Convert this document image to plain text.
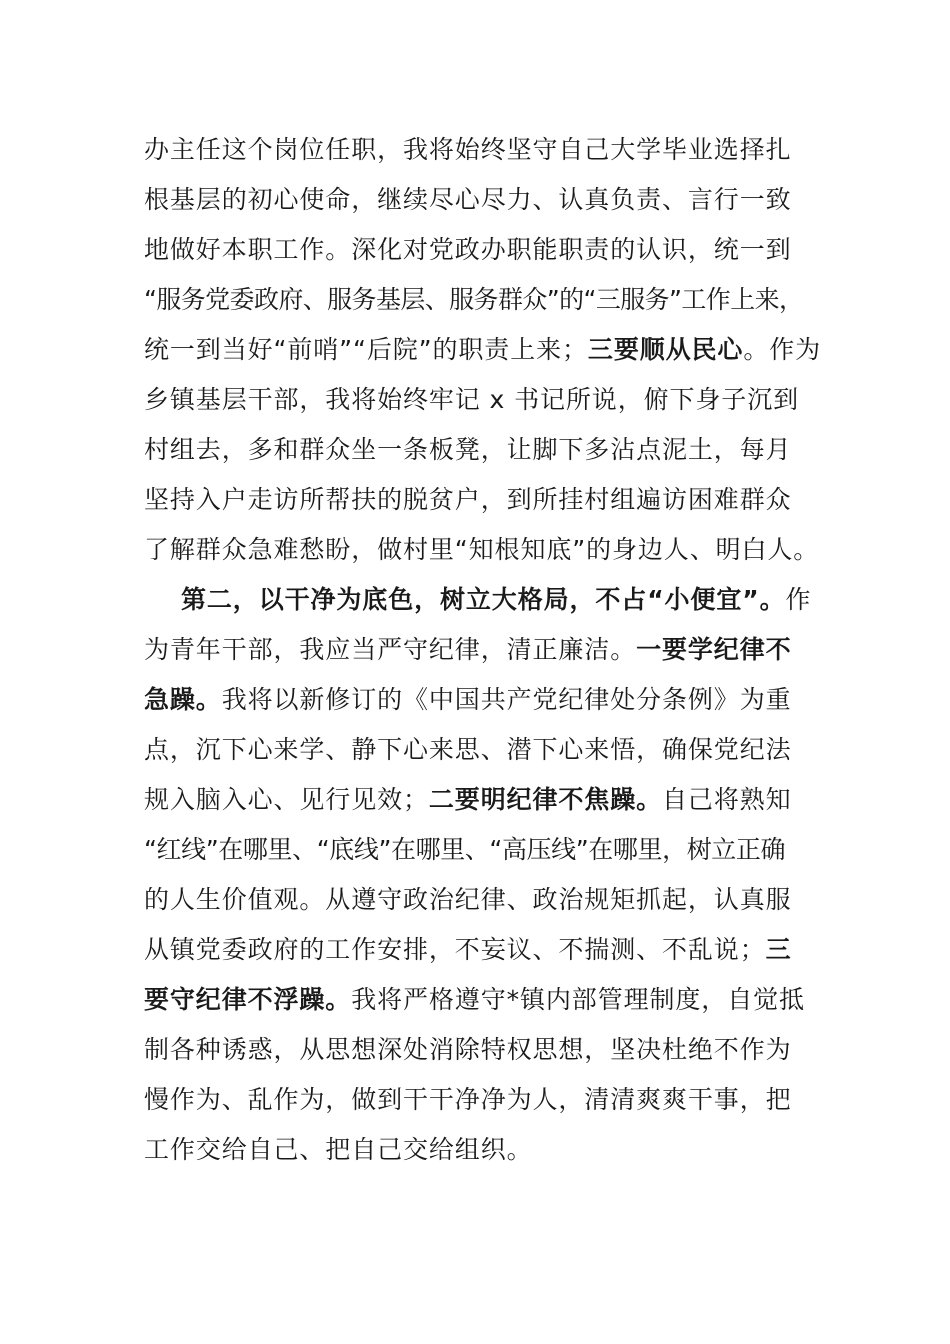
办主任这个岗位任职，我将始终坚守自己大学毕业选择扎
根基层的初心使命，继续尽心尽力、认真负责、言行一致
地做好本职工作。深化对党政办职能职责的认识，统一到
“服务党委政府、服务基层、服务群众”的“三服务”工作上来，
统一到当好“前哨”“后院”的职责上来；三要顺从民心。作为
乡镇基层干部，我将始终牢记 x 书记所说，俯下身子沉到
村组去，多和群众坐一条板凳，让脚下多沾点泥土，每月
坚持入户走访所帮扶的脱贫户，到所挂村组遍访困难群众
了解群众急难愁盼，做村里“知根知底”的身边人、明白人。
第二，以干净为底色，树立大格局，不占“小便宜”。作
为青年干部，我应当严守纪律，清正廉洁。一要学纪律不
急躁。我将以新修订的《中国共产党纪律处分条例》为重
点，沉下心来学、静下心来思、潜下心来悟，确保党纪法
规入脑入心、见行见效；二要明纪律不焦躁。自己将熟知
“红线”在哪里、“底线”在哪里、“高压线”在哪里，树立正确
的人生价值观。从遵守政治纪律、政治规矩抓起，认真服
从镇党委政府的工作安排，不妄议、不揣测、不乱说；三
要守纪律不浮躁。我将严格遵守*镇内部管理制度，自觉抵
制各种诱惑，从思想深处消除特权思想，坚决杜绝不作为
慢作为、乱作为，做到干干净净为人，清清爽爽干事，把
工作交给自己、把自己交给组织。
